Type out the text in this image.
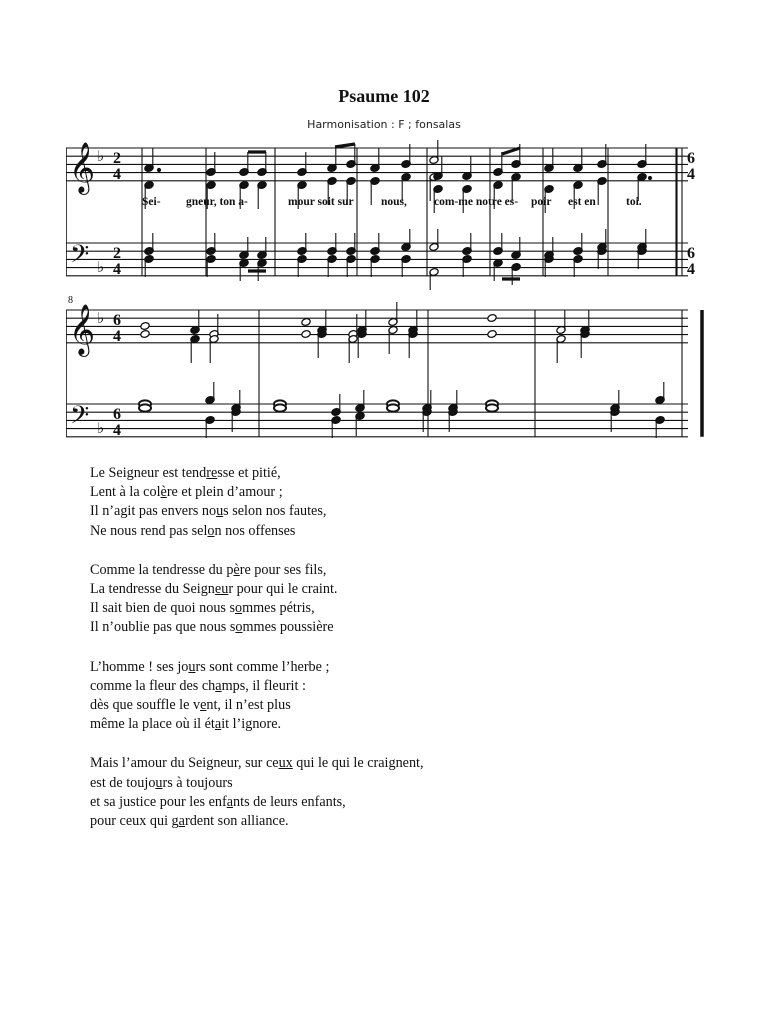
Psaume 102
Harmonisation : F ; fonsalas
𝄞
𝄢
♭
♭
2
4
2
4
𝄞
𝄢
♭
♭
6
4
6
4
6
4
6
4
8
Sei- gneur, ton a-	mour soit sur nous, com-me notre es- poir est en	toi.
Le Seigneur est tendresse et pitié,
Lent à la colère et plein d’amour ;
Il n’agit pas envers nous selon nos fautes,
Ne nous rend pas selon nos offenses
Comme la tendresse du père pour ses fils,
La tendresse du Seigneur pour qui le craint.
Il sait bien de quoi nous sommes pétris,
Il n’oublie pas que nous sommes poussière
L’homme ! ses jours sont comme l’herbe ;
comme la fleur des champs, il fleurit :
dès que souffle le vent, il n’est plus
même la place où il était l’ignore.
Mais l’amour du Seigneur, sur ceux qui le qui le craignent,
est de toujours à toujours
et sa justice pour les enfants de leurs enfants,
pour ceux qui gardent son alliance.
